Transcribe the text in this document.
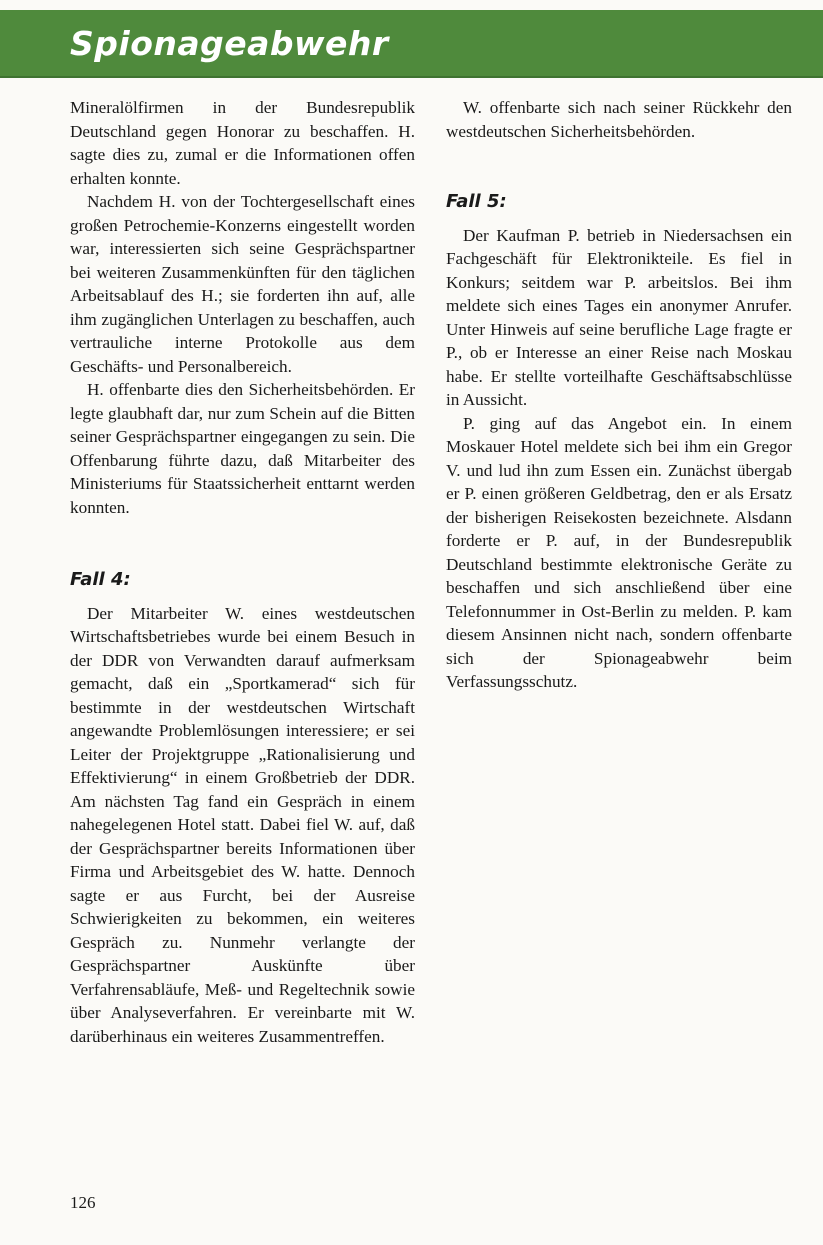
Spionageabwehr

Mineralölfirmen in der Bundesrepublik Deutschland gegen Honorar zu beschaffen. H. sagte dies zu, zumal er die Informationen offen erhalten konnte.

Nachdem H. von der Tochtergesellschaft eines großen Petrochemie-Konzerns eingestellt worden war, interessierten sich seine Gesprächspartner bei weiteren Zusammenkünften für den täglichen Arbeitsablauf des H.; sie forderten ihn auf, alle ihm zugänglichen Unterlagen zu beschaffen, auch vertrauliche interne Protokolle aus dem Geschäfts- und Personalbereich.

H. offenbarte dies den Sicherheitsbehörden. Er legte glaubhaft dar, nur zum Schein auf die Bitten seiner Gesprächspartner eingegangen zu sein. Die Offenbarung führte dazu, daß Mitarbeiter des Ministeriums für Staatssicherheit enttarnt werden konnten.

Fall 4:

Der Mitarbeiter W. eines westdeutschen Wirtschaftsbetriebes wurde bei einem Besuch in der DDR von Verwandten darauf aufmerksam gemacht, daß ein „Sportkamerad“ sich für bestimmte in der westdeutschen Wirtschaft angewandte Problemlösungen interessiere; er sei Leiter der Projektgruppe „Rationalisierung und Effektivierung“ in einem Großbetrieb der DDR. Am nächsten Tag fand ein Gespräch in einem nahegelegenen Hotel statt. Dabei fiel W. auf, daß der Gesprächspartner bereits Informationen über Firma und Arbeitsgebiet des W. hatte. Dennoch sagte er aus Furcht, bei der Ausreise Schwierigkeiten zu bekommen, ein weiteres Gespräch zu. Nunmehr verlangte der Gesprächspartner Auskünfte über Verfahrensabläufe, Meß- und Regeltechnik sowie über Analyseverfahren. Er vereinbarte mit W. darüberhinaus ein weiteres Zusammentreffen.

W. offenbarte sich nach seiner Rückkehr den westdeutschen Sicherheitsbehörden.

Fall 5:

Der Kaufman P. betrieb in Niedersachsen ein Fachgeschäft für Elektronikteile. Es fiel in Konkurs; seitdem war P. arbeitslos. Bei ihm meldete sich eines Tages ein anonymer Anrufer. Unter Hinweis auf seine berufliche Lage fragte er P., ob er Interesse an einer Reise nach Moskau habe. Er stellte vorteilhafte Geschäftsabschlüsse in Aussicht.

P. ging auf das Angebot ein. In einem Moskauer Hotel meldete sich bei ihm ein Gregor V. und lud ihn zum Essen ein. Zunächst übergab er P. einen größeren Geldbetrag, den er als Ersatz der bisherigen Reisekosten bezeichnete. Alsdann forderte er P. auf, in der Bundesrepublik Deutschland bestimmte elektronische Geräte zu beschaffen und sich anschließend über eine Telefonnummer in Ost-Berlin zu melden. P. kam diesem Ansinnen nicht nach, sondern offenbarte sich der Spionageabwehr beim Verfassungsschutz.

126
